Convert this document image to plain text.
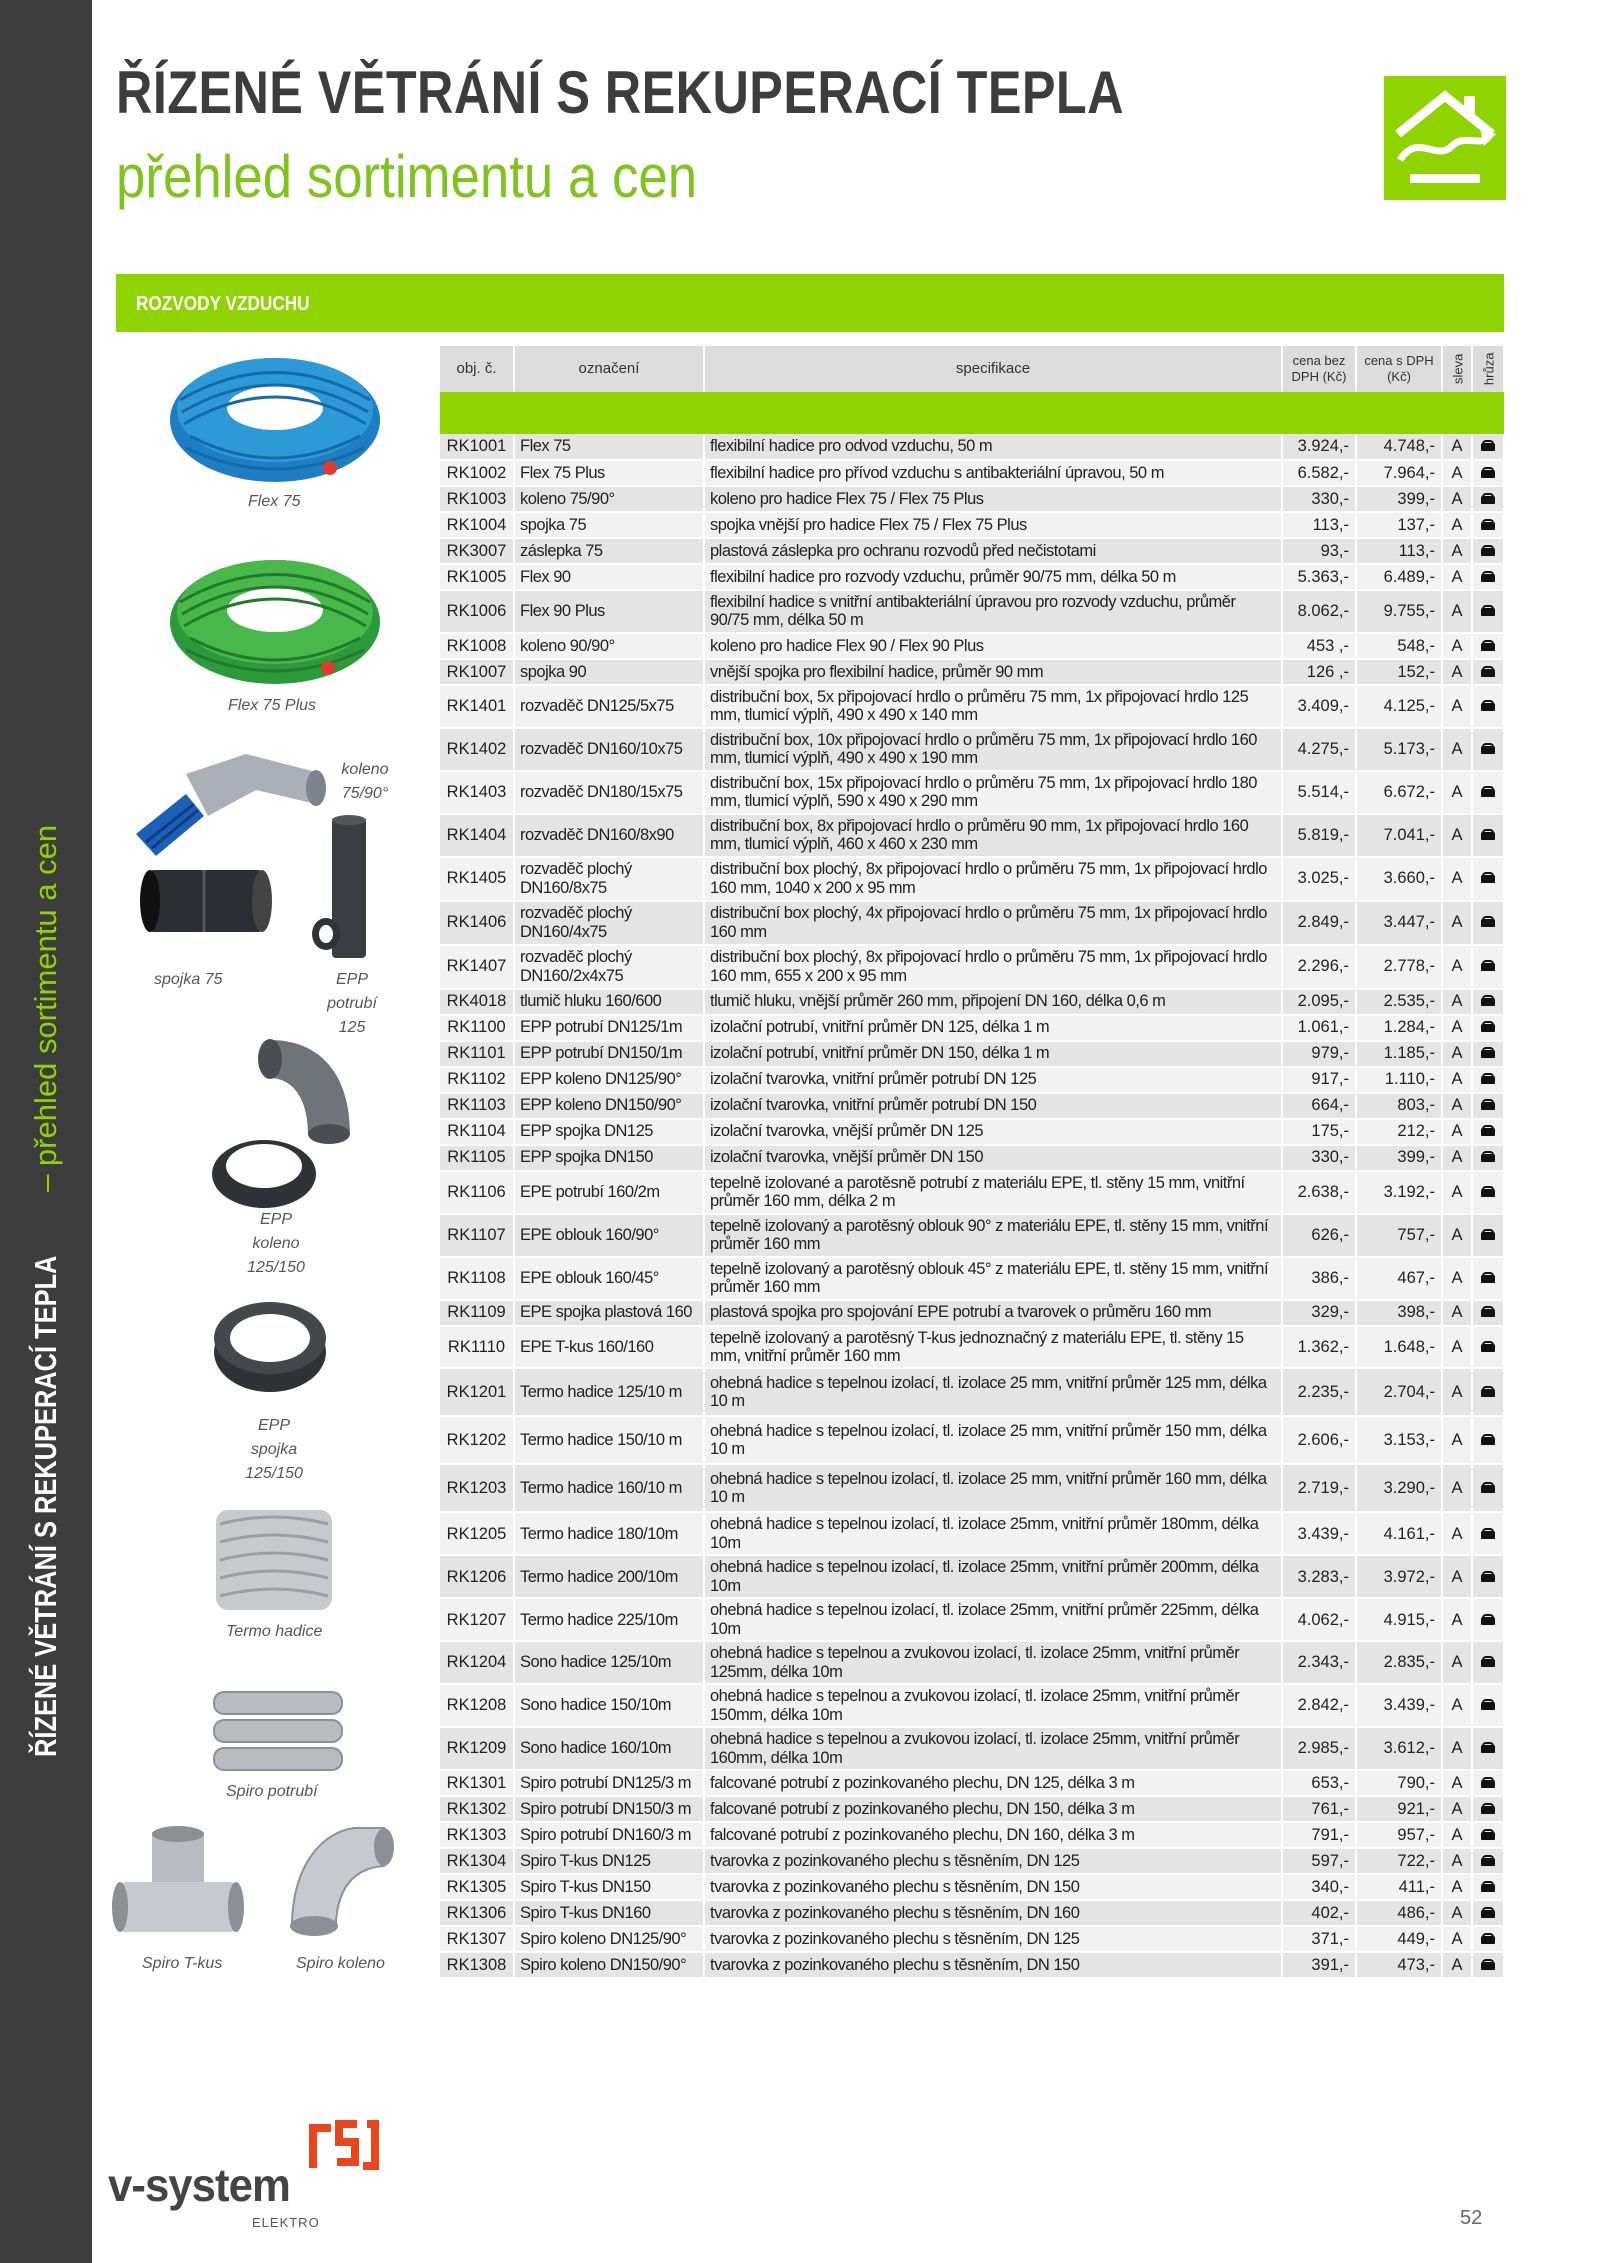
ŘÍZENÉ VĚTRÁNÍ S REKUPERACÍ TEPLA – přehled sortimentu a cen
ŘÍZENÉ VĚTRÁNÍ S REKUPERACÍ TEPLA
přehled sortimentu a cen
ROZVODY VZDUCHU
Flex 75
Flex 75 Plus
koleno 75/90°
spojka 75	EPP potrubí 125
EPP koleno 125/150
EPP spojka 125/150
Termo hadice
Spiro potrubí
Spiro T-kus	Spiro koleno
obj. č.	označení	specifikace	cena bez DPH (Kč)	cena s DPH (Kč)	sleva	hrůza

RK1001	Flex 75	flexibilní hadice pro odvod vzduchu, 50 m	3.924,-	4.748,-	A	
RK1002	Flex 75 Plus	flexibilní hadice pro přívod vzduchu s antibakteriální úpravou, 50 m	6.582,-	7.964,-	A	
RK1003	koleno 75/90°	koleno pro hadice Flex 75 / Flex 75 Plus	330,-	399,-	A	
RK1004	spojka 75	spojka vnější pro hadice Flex 75 / Flex 75 Plus	113,-	137,-	A	
RK3007	záslepka 75	plastová záslepka pro ochranu rozvodů před nečistotami	93,-	113,-	A	
RK1005	Flex 90	flexibilní hadice pro rozvody vzduchu, průměr 90/75 mm, délka 50 m	5.363,-	6.489,-	A	
RK1006	Flex 90 Plus	flexibilní hadice s vnitřní antibakteriální úpravou pro rozvody vzduchu, průměr 90/75 mm, délka 50 m	8.062,-	9.755,-	A	
RK1008	koleno 90/90°	koleno pro hadice Flex 90 / Flex 90 Plus	453 ,-	548,-	A	
RK1007	spojka 90	vnější spojka pro flexibilní hadice, průměr 90 mm	126 ,-	152,-	A	
RK1401	rozvaděč DN125/5x75	distribuční box, 5x připojovací hrdlo o průměru 75 mm, 1x připojovací hrdlo 125 mm, tlumicí výplň, 490 x 490 x 140 mm	3.409,-	4.125,-	A	
RK1402	rozvaděč DN160/10x75	distribuční box, 10x připojovací hrdlo o průměru 75 mm, 1x připojovací hrdlo 160 mm, tlumicí výplň, 490 x 490 x 190 mm	4.275,-	5.173,-	A	
RK1403	rozvaděč DN180/15x75	distribuční box, 15x připojovací hrdlo o průměru 75 mm, 1x připojovací hrdlo 180 mm, tlumicí výplň, 590 x 490 x 290 mm	5.514,-	6.672,-	A	
RK1404	rozvaděč DN160/8x90	distribuční box, 8x připojovací hrdlo o průměru 90 mm, 1x připojovací hrdlo 160 mm, tlumicí výplň, 460 x 460 x 230 mm	5.819,-	7.041,-	A	
RK1405	rozvaděč plochý DN160/8x75	distribuční box plochý, 8x připojovací hrdlo o průměru 75 mm, 1x připojovací hrdlo 160 mm, 1040 x 200 x 95 mm	3.025,-	3.660,-	A	
RK1406	rozvaděč plochý DN160/4x75	distribuční box plochý, 4x připojovací hrdlo o průměru 75 mm, 1x připojovací hrdlo 160 mm	2.849,-	3.447,-	A	
RK1407	rozvaděč plochý DN160/2x4x75	distribuční box plochý, 8x připojovací hrdlo o průměru 75 mm, 1x připojovací hrdlo 160 mm, 655 x 200 x 95 mm	2.296,-	2.778,-	A	
RK4018	tlumič hluku 160/600	tlumič hluku, vnější průměr 260 mm, připojení DN 160, délka 0,6 m	2.095,-	2.535,-	A	
RK1100	EPP potrubí DN125/1m	izolační potrubí, vnitřní průměr DN 125, délka 1 m	1.061,-	1.284,-	A	
RK1101	EPP potrubí DN150/1m	izolační potrubí, vnitřní průměr DN 150, délka 1 m	979,-	1.185,-	A	
RK1102	EPP koleno DN125/90°	izolační tvarovka, vnitřní průměr potrubí DN 125	917,-	1.110,-	A	
RK1103	EPP koleno DN150/90°	izolační tvarovka, vnitřní průměr potrubí DN 150	664,-	803,-	A	
RK1104	EPP spojka DN125	izolační tvarovka, vnější průměr DN 125	175,-	212,-	A	
RK1105	EPP spojka DN150	izolační tvarovka, vnější průměr DN 150	330,-	399,-	A	
RK1106	EPE potrubí 160/2m	tepelně izolované a parotěsně potrubí z materiálu EPE, tl. stěny 15 mm, vnitřní průměr 160 mm, délka 2 m	2.638,-	3.192,-	A	
RK1107	EPE oblouk 160/90°	tepelně izolovaný a parotěsný oblouk 90° z materiálu EPE, tl. stěny 15 mm, vnitřní průměr 160 mm	626,-	757,-	A	
RK1108	EPE oblouk 160/45°	tepelně izolovaný a parotěsný oblouk 45° z materiálu EPE, tl. stěny 15 mm, vnitřní průměr 160 mm	386,-	467,-	A	
RK1109	EPE spojka plastová 160	plastová spojka pro spojování EPE potrubí a tvarovek o průměru 160 mm	329,-	398,-	A	
RK1110	EPE T-kus 160/160	tepelně izolovaný a parotěsný T-kus jednoznačný z materiálu EPE, tl. stěny 15 mm, vnitřní průměr 160 mm	1.362,-	1.648,-	A	
RK1201	Termo hadice 125/10 m	ohebná hadice s tepelnou izolací, tl. izolace 25 mm, vnitřní průměr 125 mm, délka 10 m	2.235,-	2.704,-	A	
RK1202	Termo hadice 150/10 m	ohebná hadice s tepelnou izolací, tl. izolace 25 mm, vnitřní průměr 150 mm, délka 10 m	2.606,-	3.153,-	A	
RK1203	Termo hadice 160/10 m	ohebná hadice s tepelnou izolací, tl. izolace 25 mm, vnitřní průměr 160 mm, délka 10 m	2.719,-	3.290,-	A	
RK1205	Termo hadice 180/10m	ohebná hadice s tepelnou izolací, tl. izolace 25mm, vnitřní průměr 180mm, délka 10m	3.439,-	4.161,-	A	
RK1206	Termo hadice 200/10m	ohebná hadice s tepelnou izolací, tl. izolace 25mm, vnitřní průměr 200mm, délka 10m	3.283,-	3.972,-	A	
RK1207	Termo hadice 225/10m	ohebná hadice s tepelnou izolací, tl. izolace 25mm, vnitřní průměr 225mm, délka 10m	4.062,-	4.915,-	A	
RK1204	Sono hadice 125/10m	ohebná hadice s tepelnou a zvukovou izolací, tl. izolace 25mm, vnitřní průměr 125mm, délka 10m	2.343,-	2.835,-	A	
RK1208	Sono hadice 150/10m	ohebná hadice s tepelnou a zvukovou izolací, tl. izolace 25mm, vnitřní průměr 150mm, délka 10m	2.842,-	3.439,-	A	
RK1209	Sono hadice 160/10m	ohebná hadice s tepelnou a zvukovou izolací, tl. izolace 25mm, vnitřní průměr 160mm, délka 10m	2.985,-	3.612,-	A	
RK1301	Spiro potrubí DN125/3 m	falcované potrubí z pozinkovaného plechu, DN 125, délka 3 m	653,-	790,-	A	
RK1302	Spiro potrubí DN150/3 m	falcované potrubí z pozinkovaného plechu, DN 150, délka 3 m	761,-	921,-	A	
RK1303	Spiro potrubí DN160/3 m	falcované potrubí z pozinkovaného plechu, DN 160, délka 3 m	791,-	957,-	A	
RK1304	Spiro T-kus DN125	tvarovka z pozinkovaného plechu s těsněním, DN 125	597,-	722,-	A	
RK1305	Spiro T-kus DN150	tvarovka z pozinkovaného plechu s těsněním, DN 150	340,-	411,-	A	
RK1306	Spiro T-kus DN160	tvarovka z pozinkovaného plechu s těsněním, DN 160	402,-	486,-	A	
RK1307	Spiro koleno DN125/90°	tvarovka z pozinkovaného plechu s těsněním, DN 125	371,-	449,-	A	
RK1308	Spiro koleno DN150/90°	tvarovka z pozinkovaného plechu s těsněním, DN 150	391,-	473,-	A	
v-system
ELEKTRO	52
